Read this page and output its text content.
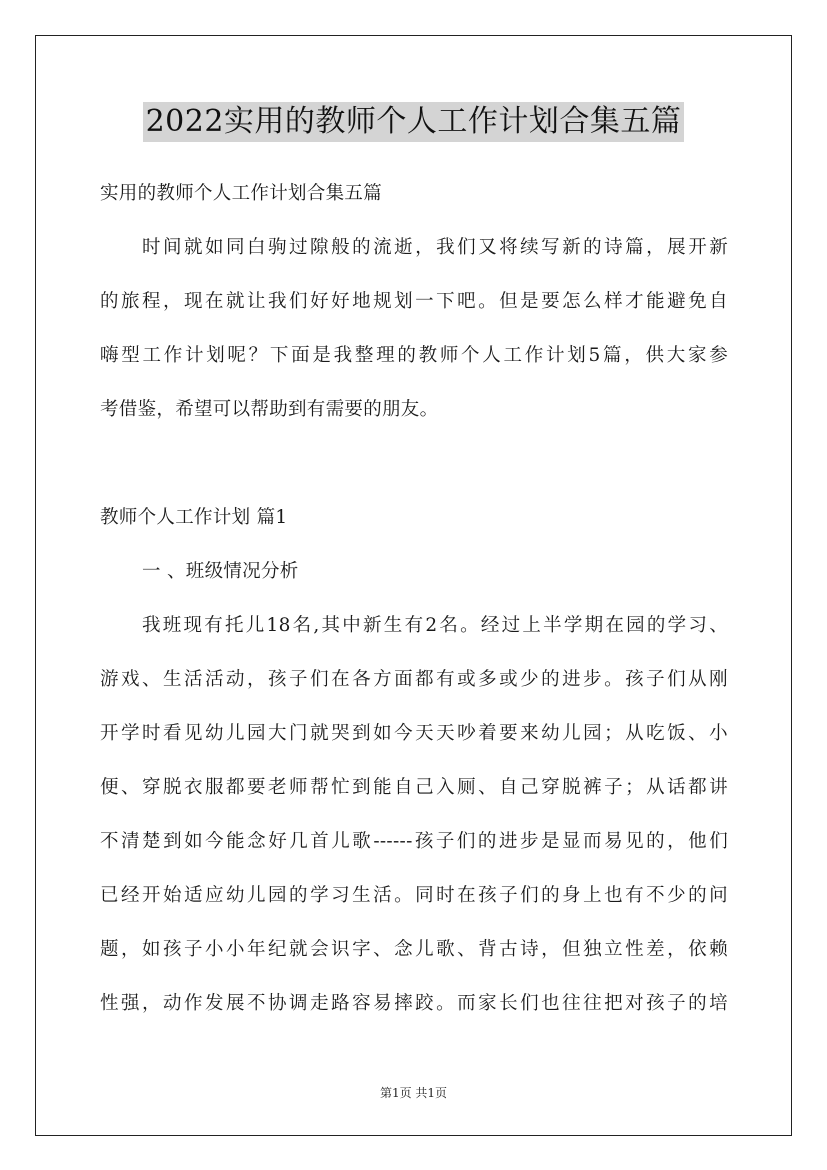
2022实用的教师个人工作计划合集五篇
实用的教师个人工作计划合集五篇
时间就如同白驹过隙般的流逝，我们又将续写新的诗篇，展开新
的旅程，现在就让我们好好地规划一下吧。但是要怎么样才能避免自
嗨型工作计划呢？下面是我整理的教师个人工作计划5篇，供大家参
考借鉴，希望可以帮助到有需要的朋友。
教师个人工作计划 篇1
一 、班级情况分析
我班现有托儿18名,其中新生有2名。经过上半学期在园的学习、
游戏、生活活动，孩子们在各方面都有或多或少的进步。孩子们从刚
开学时看见幼儿园大门就哭到如今天天吵着要来幼儿园；从吃饭、小
便、穿脱衣服都要老师帮忙到能自己入厕、自己穿脱裤子；从话都讲
不清楚到如今能念好几首儿歌------孩子们的进步是显而易见的，他们
已经开始适应幼儿园的学习生活。同时在孩子们的身上也有不少的问
题，如孩子小小年纪就会识字、念儿歌、背古诗，但独立性差，依赖
性强，动作发展不协调走路容易摔跤。而家长们也往往把对孩子的培
第1页 共1页
